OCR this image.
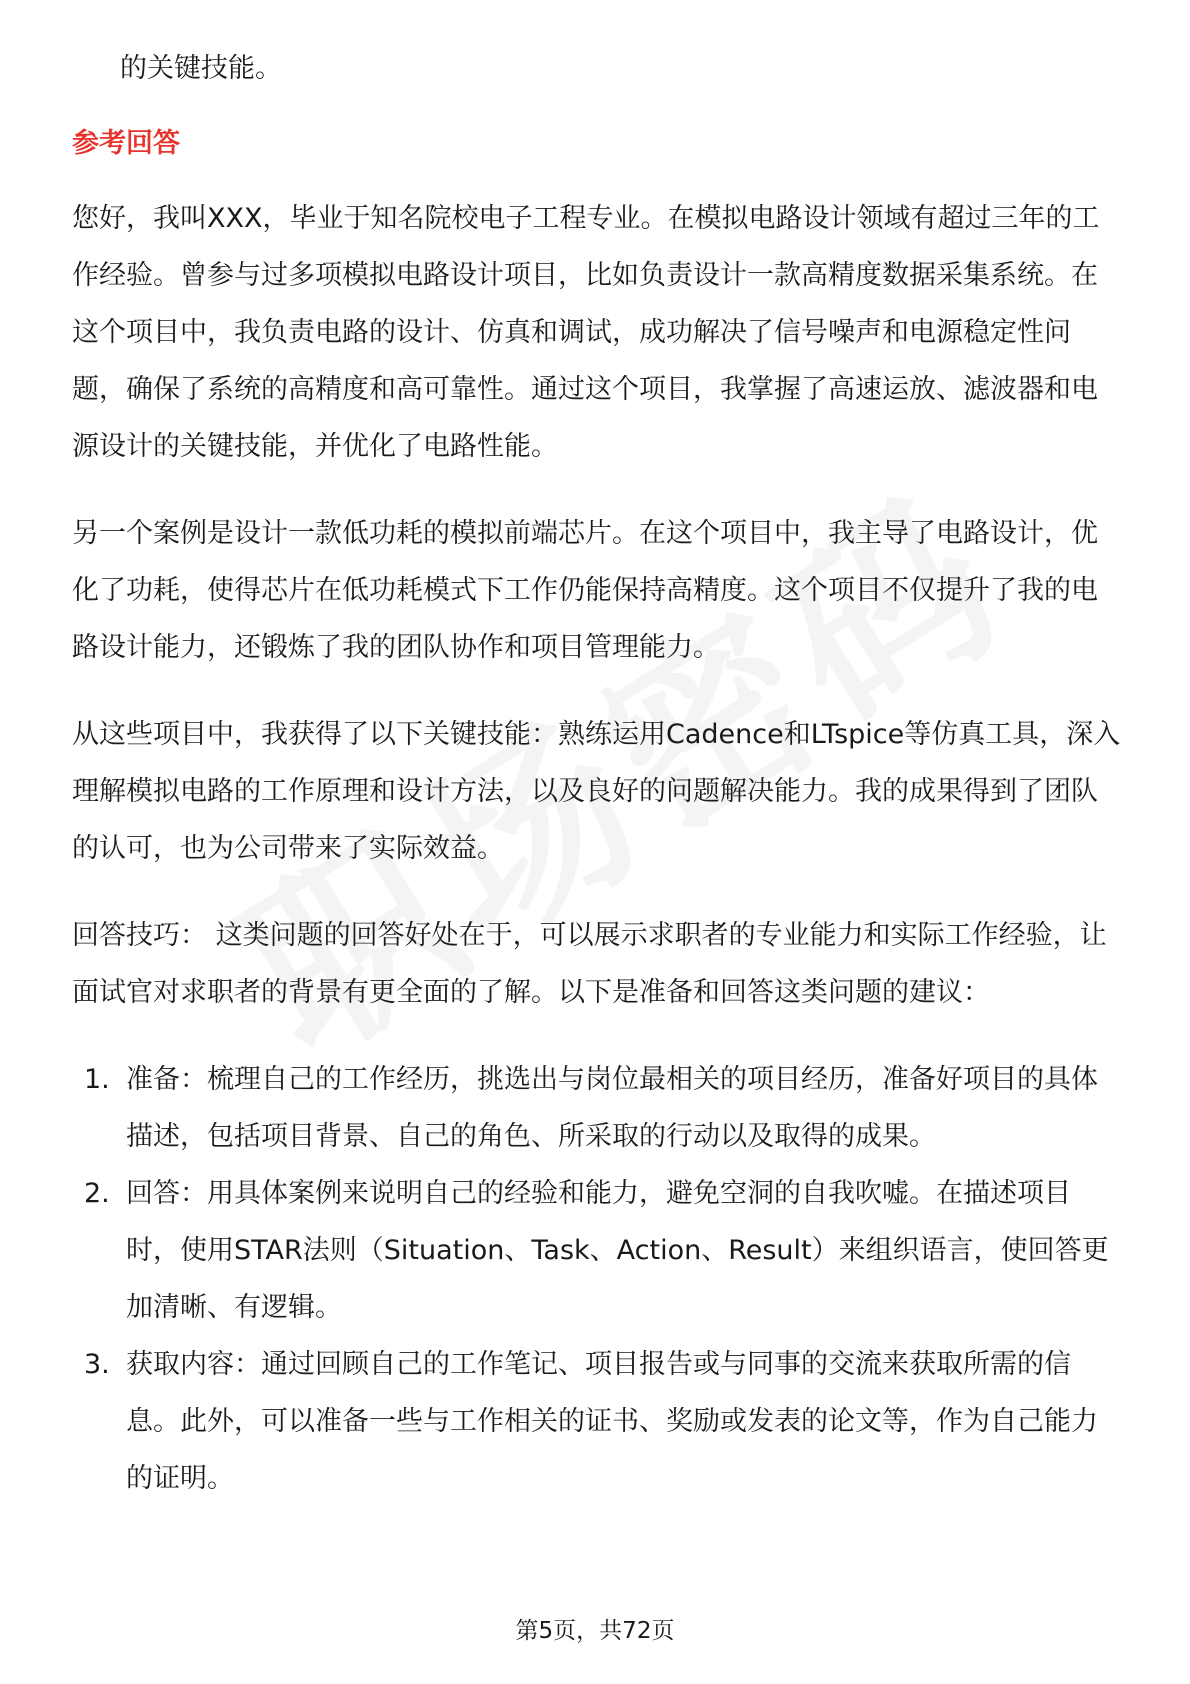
的关键技能。

参考回答

您好，我叫XXX，毕业于知名院校电子工程专业。在模拟电路设计领域有超过三年的工作经验。曾参与过多项模拟电路设计项目，比如负责设计一款高精度数据采集系统。在这个项目中，我负责电路的设计、仿真和调试，成功解决了信号噪声和电源稳定性问题，确保了系统的高精度和高可靠性。通过这个项目，我掌握了高速运放、滤波器和电源设计的关键技能，并优化了电路性能。

另一个案例是设计一款低功耗的模拟前端芯片。在这个项目中，我主导了电路设计，优化了功耗，使得芯片在低功耗模式下工作仍能保持高精度。这个项目不仅提升了我的电路设计能力，还锻炼了我的团队协作和项目管理能力。

从这些项目中，我获得了以下关键技能：熟练运用Cadence和LTspice等仿真工具，深入理解模拟电路的工作原理和设计方法，以及良好的问题解决能力。我的成果得到了团队的认可，也为公司带来了实际效益。

回答技巧： 这类问题的回答好处在于，可以展示求职者的专业能力和实际工作经验，让面试官对求职者的背景有更全面的了解。以下是准备和回答这类问题的建议：

1. 准备：梳理自己的工作经历，挑选出与岗位最相关的项目经历，准备好项目的具体描述，包括项目背景、自己的角色、所采取的行动以及取得的成果。
2. 回答：用具体案例来说明自己的经验和能力，避免空洞的自我吹嘘。在描述项目时，使用STAR法则（Situation、Task、Action、Result）来组织语言，使回答更加清晰、有逻辑。
3. 获取内容：通过回顾自己的工作笔记、项目报告或与同事的交流来获取所需的信息。此外，可以准备一些与工作相关的证书、奖励或发表的论文等，作为自己能力的证明。
第5页，共72页
